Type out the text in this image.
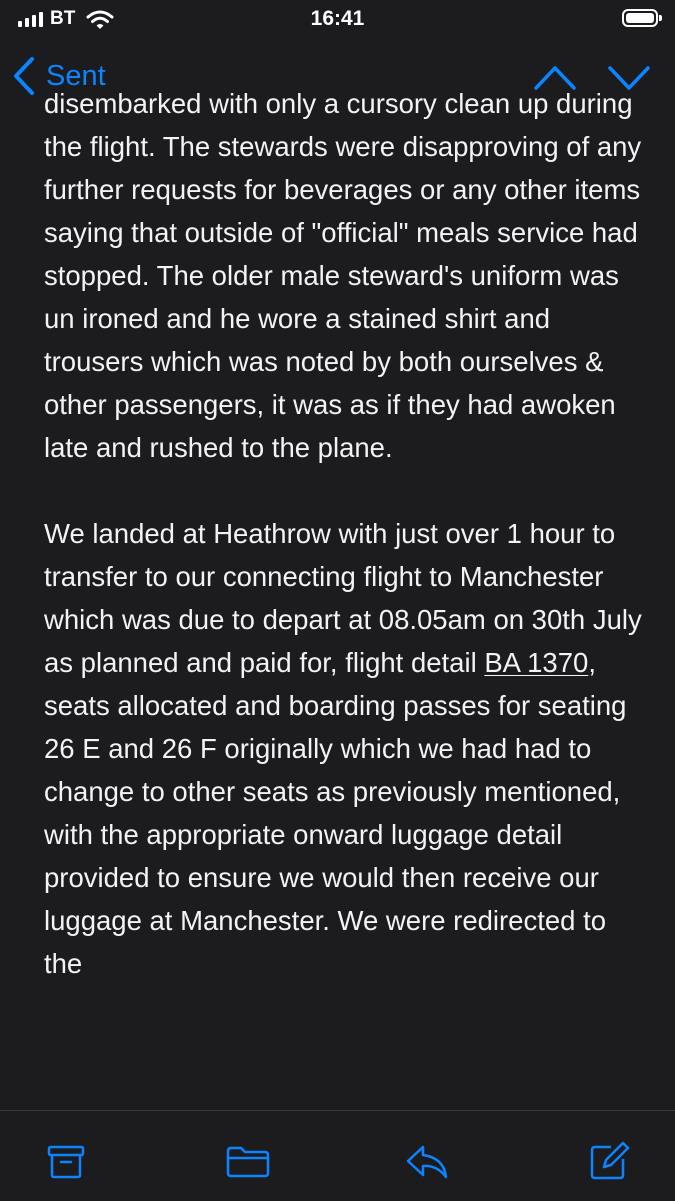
BT	16:41
Sent

disembarked with only a cursory clean up during the flight. The stewards were disapproving of any further requests for beverages or any other items saying that outside of "official" meals service had stopped. The older male steward's uniform was un ironed and he wore a stained shirt and trousers which was noted by both ourselves & other passengers, it was as if they had awoken late and rushed to the plane.

We landed at Heathrow with just over 1 hour to transfer to our connecting flight to Manchester which was due to depart at 08.05am on 30th July as planned and paid for, flight detail BA 1370, seats allocated and boarding passes for seating 26 E and 26 F originally which we had had to change to other seats as previously mentioned, with the appropriate onward luggage detail provided to ensure we would then receive our luggage at Manchester. We were redirected to the
